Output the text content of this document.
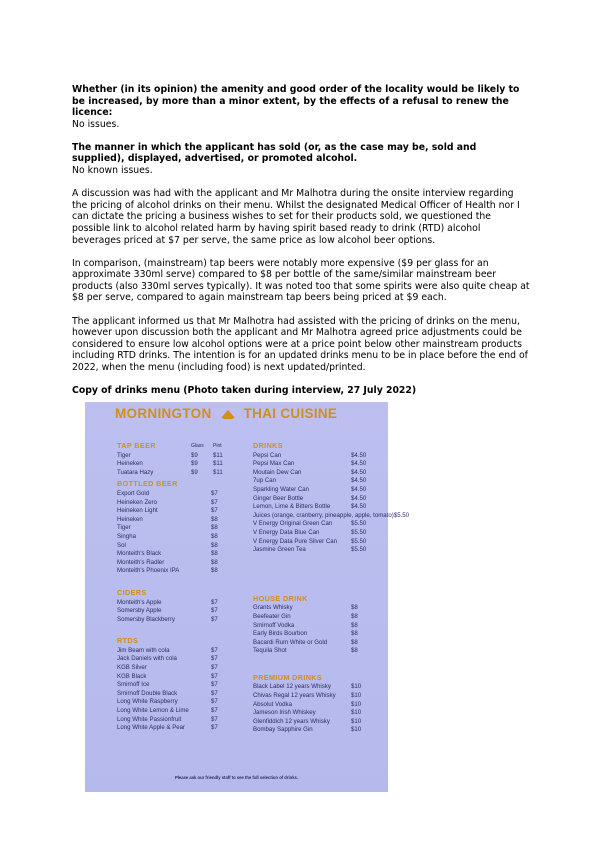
Whether (in its opinion) the amenity and good order of the locality would be likely to be increased, by more than a minor extent, by the effects of a refusal to renew the licence:

No issues.

The manner in which the applicant has sold (or, as the case may be, sold and supplied), displayed, advertised, or promoted alcohol.

No known issues.

A discussion was had with the applicant and Mr Malhotra during the onsite interview regarding the pricing of alcohol drinks on their menu. Whilst the designated Medical Officer of Health nor I can dictate the pricing a business wishes to set for their products sold, we questioned the possible link to alcohol related harm by having spirit based ready to drink (RTD) alcohol beverages priced at $7 per serve, the same price as low alcohol beer options.

In comparison, (mainstream) tap beers were notably more expensive ($9 per glass for an approximate 330ml serve) compared to $8 per bottle of the same/similar mainstream beer products (also 330ml serves typically). It was noted too that some spirits were also quite cheap at $8 per serve, compared to again mainstream tap beers being priced at $9 each.

The applicant informed us that Mr Malhotra had assisted with the pricing of drinks on the menu, however upon discussion both the applicant and Mr Malhotra agreed price adjustments could be considered to ensure low alcohol options were at a price point below other mainstream products including RTD drinks. The intention is for an updated drinks menu to be in place before the end of 2022, when the menu (including food) is next updated/printed.

Copy of drinks menu (Photo taken during interview, 27 July 2022)

MORNINGTON THAI CUISINE
TAP BEER	Glass	Pint
Tiger	$9	$11
Heineken	$9	$11
Tuatara Hazy	$9	$11
BOTTLED BEER
Export Gold	$7
Heineken Zero	$7
Heineken Light	$7
Heineken	$8
Tiger	$8
Singha	$8
Sol	$8
Monteith's Black	$8
Monteith's Radler	$8
Monteith's Phoenix IPA	$8
CIDERS
Monteith's Apple	$7
Somersby Apple	$7
Somersby Blackberry	$7
RTDS
Jim Beam with cola	$7
Jack Daniels with cola	$7
KGB Silver	$7
KGB Black	$7
Smirnoff Ice	$7
Smirnoff Double Black	$7
Long White Raspberry	$7
Long White Lemon & Lime	$7
Long White Passionfruit	$7
Long White Apple & Pear	$7
DRINKS
Pepsi Can	$4.50
Pepsi Max Can	$4.50
Moutain Dew Can	$4.50
7up Can	$4.50
Sparkling Water Can	$4.50
Ginger Beer Bottle	$4.50
Lemon, Lime & Bitters Bottle	$4.50
Juices (orange, cranberry, pineapple, apple, tomato) $5.50
V Energy Original Green Can	$5.50
V Energy Data Blue Can	$5.50
V Energy Data Pure Silver Can	$5.50
Jasmine Green Tea	$5.50
HOUSE DRINK
Grants Whisky	$8
Beefeater Gin	$8
Smirnoff Vodka	$8
Early Birds Bourbon	$8
Bacardi Rum White or Gold	$8
Tequila Shot	$8
PREMIUM DRINKS
Black Label 12 years Whisky	$10
Chivas Regal 12 years Whisky	$10
Absolut Vodka	$10
Jameson Irish Whiskey	$10
Glenfiddich 12 years Whisky	$10
Bombay Sapphire Gin	$10
Please ask our friendly staff to see the full selection of drinks.
